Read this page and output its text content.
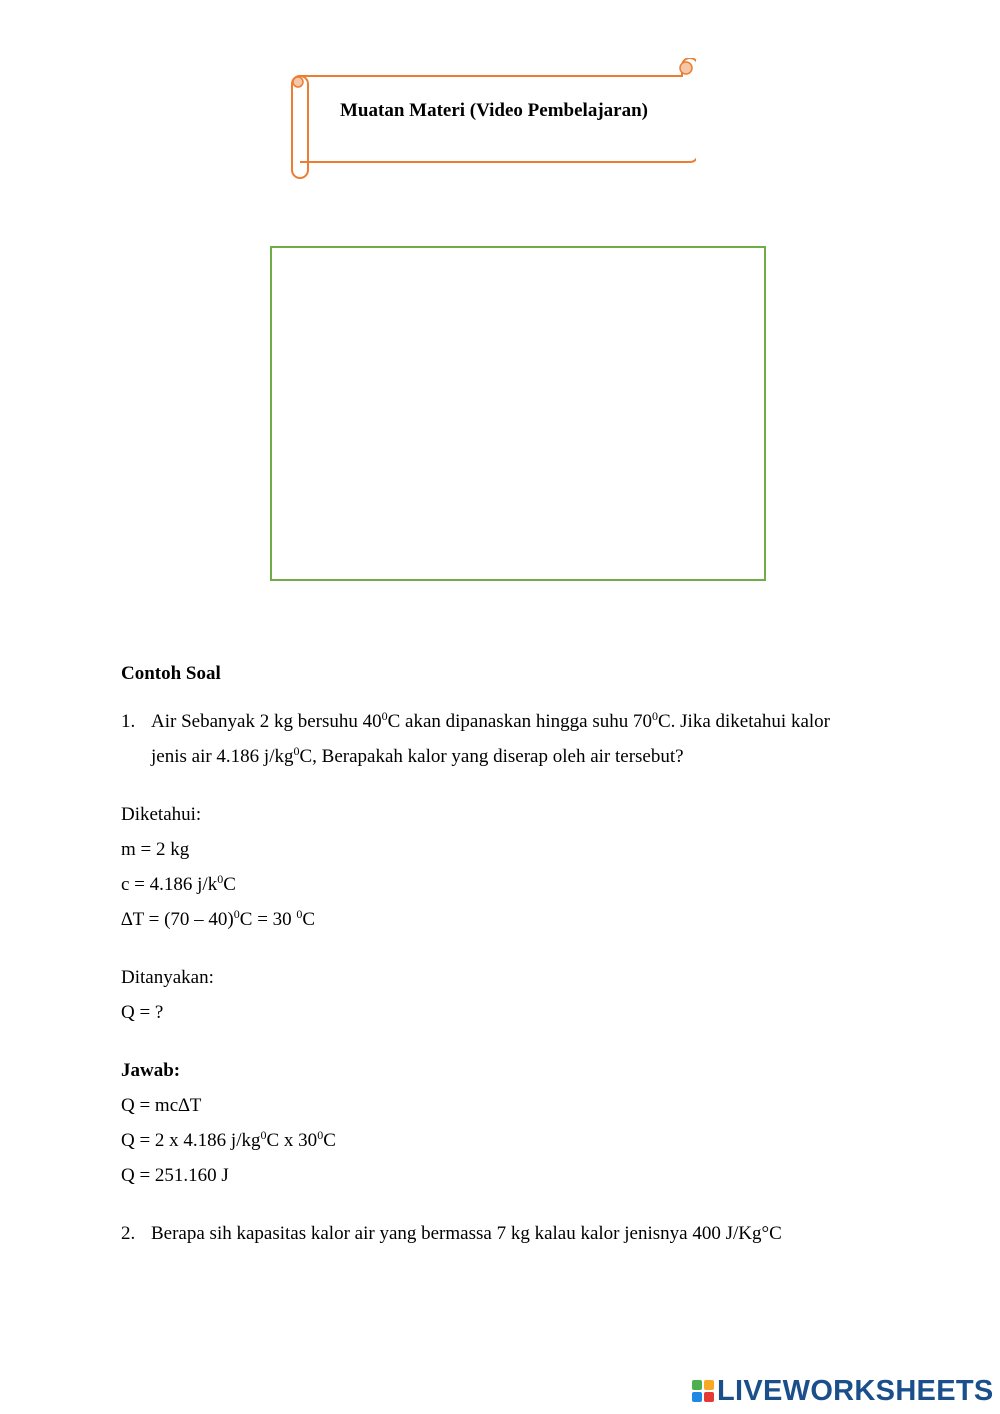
Muatan Materi (Video Pembelajaran)
Contoh Soal
1. Air Sebanyak 2 kg bersuhu $40^0C$ akan dipanaskan hingga suhu $70^0C$. Jika diketahui kalor
jenis air 4.186 $j/kg^0C$, Berapakah kalor yang diserap oleh air tersebut?
Diketahui:
m = 2 kg
c = 4.186 $j/k^0C$
∆T = (70 – 40)$^0$C = 30 $^0$C
Ditanyakan:
Q = ?
Jawab:
Q = mc∆T
Q = 2 x 4.186 $j/kg^0C$ x $30^0C$
Q = 251.160 J
2. Berapa sih kapasitas kalor air yang bermassa 7 kg kalau kalor jenisnya 400 J/Kg°C
LIVEWORKSHEETS
